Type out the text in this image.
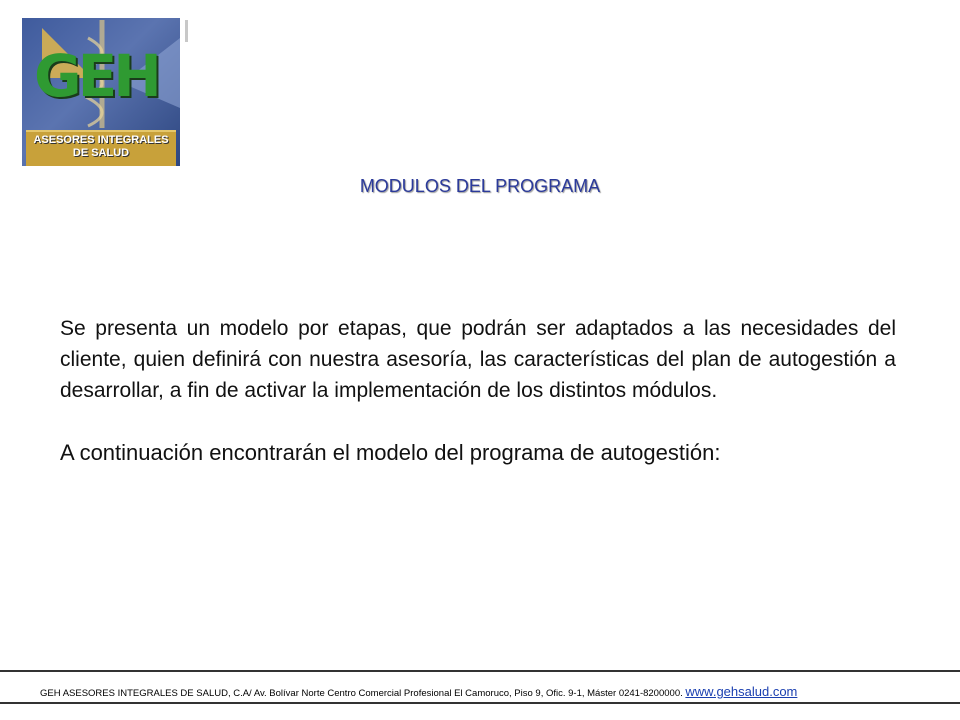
GEH
ASESORES INTEGRALES
DE SALUD
MODULOS DEL PROGRAMA

Se presenta un modelo por etapas, que podrán ser adaptados a las necesidades del cliente, quien definirá con nuestra asesoría, las características del plan de autogestión a desarrollar, a fin de activar la implementación de los distintos módulos.

A continuación encontrarán el modelo del programa de autogestión:

GEH ASESORES INTEGRALES DE SALUD, C.A/ Av. Bolívar Norte Centro Comercial Profesional El Camoruco, Piso 9, Ofic. 9-1, Máster 0241-8200000. www.gehsalud.com
